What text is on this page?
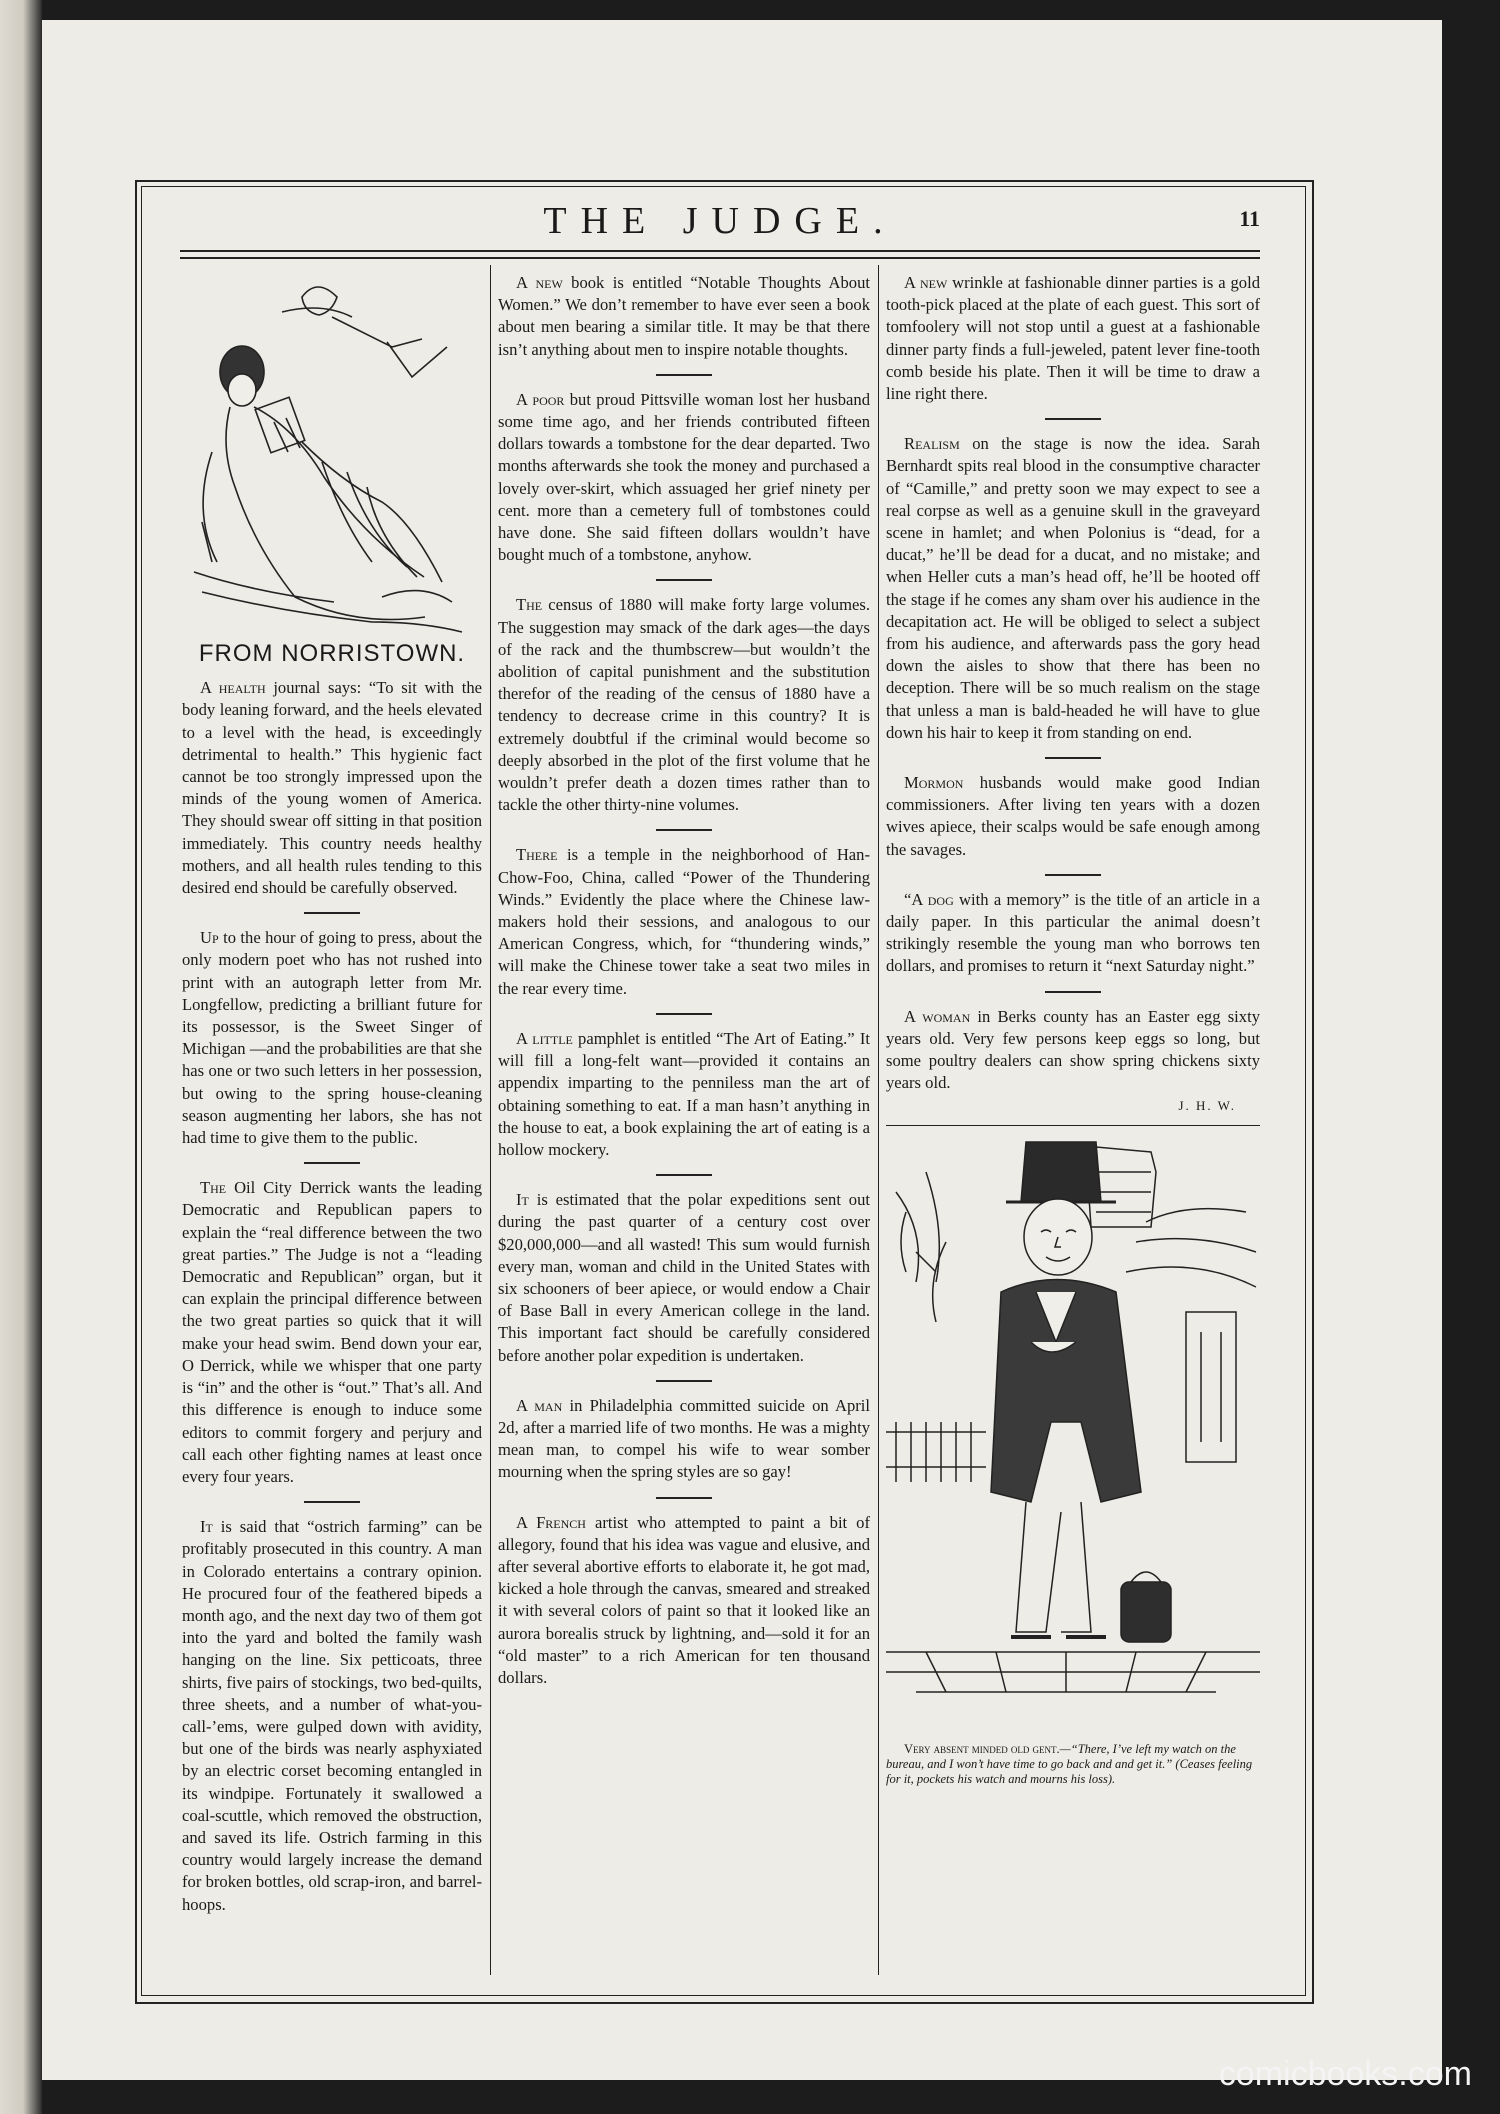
THE JUDGE.	11
FROM NORRISTOWN.

A health journal says: “To sit with the body leaning forward, and the heels elevated to a level with the head, is exceedingly detrimental to health.” This hygienic fact cannot be too strongly impressed upon the minds of the young women of America. They should swear off sitting in that position immediately. This country needs healthy mothers, and all health rules tending to this desired end should be carefully observed.

Up to the hour of going to press, about the only modern poet who has not rushed into print with an autograph letter from Mr. Longfellow, predicting a brilliant future for its possessor, is the Sweet Singer of Michigan —and the probabilities are that she has one or two such letters in her possession, but owing to the spring house-cleaning season augmenting her labors, she has not had time to give them to the public.

The Oil City Derrick wants the leading Democratic and Republican papers to explain the “real difference between the two great parties.” The Judge is not a “leading Democratic and Republican” organ, but it can explain the principal difference between the two great parties so quick that it will make your head swim. Bend down your ear, O Derrick, while we whisper that one party is “in” and the other is “out.” That’s all. And this difference is enough to induce some editors to commit forgery and perjury and call each other fighting names at least once every four years.

It is said that “ostrich farming” can be profitably prosecuted in this country. A man in Colorado entertains a contrary opinion. He procured four of the feathered bipeds a month ago, and the next day two of them got into the yard and bolted the family wash hanging on the line. Six petticoats, three shirts, five pairs of stockings, two bed-quilts, three sheets, and a number of what-you-call-’ems, were gulped down with avidity, but one of the birds was nearly asphyxiated by an electric corset becoming entangled in its windpipe. Fortunately it swallowed a coal-scuttle, which removed the obstruction, and saved its life. Ostrich farming in this country would largely increase the demand for broken bottles, old scrap-iron, and barrel-hoops.

A new book is entitled “Notable Thoughts About Women.” We don’t remember to have ever seen a book about men bearing a similar title. It may be that there isn’t anything about men to inspire notable thoughts.

A poor but proud Pittsville woman lost her husband some time ago, and her friends contributed fifteen dollars towards a tombstone for the dear departed. Two months afterwards she took the money and purchased a lovely over-skirt, which assuaged her grief ninety per cent. more than a cemetery full of tombstones could have done. She said fifteen dollars wouldn’t have bought much of a tombstone, anyhow.

The census of 1880 will make forty large volumes. The suggestion may smack of the dark ages—the days of the rack and the thumbscrew—but wouldn’t the abolition of capital punishment and the substitution therefor of the reading of the census of 1880 have a tendency to decrease crime in this country? It is extremely doubtful if the criminal would become so deeply absorbed in the plot of the first volume that he wouldn’t prefer death a dozen times rather than to tackle the other thirty-nine volumes.

There is a temple in the neighborhood of Han-Chow-Foo, China, called “Power of the Thundering Winds.” Evidently the place where the Chinese law-makers hold their sessions, and analogous to our American Congress, which, for “thundering winds,” will make the Chinese tower take a seat two miles in the rear every time.

A little pamphlet is entitled “The Art of Eating.” It will fill a long-felt want—provided it contains an appendix imparting to the penniless man the art of obtaining something to eat. If a man hasn’t anything in the house to eat, a book explaining the art of eating is a hollow mockery.

It is estimated that the polar expeditions sent out during the past quarter of a century cost over $20,000,000—and all wasted! This sum would furnish every man, woman and child in the United States with six schooners of beer apiece, or would endow a Chair of Base Ball in every American college in the land. This important fact should be carefully considered before another polar expedition is undertaken.

A man in Philadelphia committed suicide on April 2d, after a married life of two months. He was a mighty mean man, to compel his wife to wear somber mourning when the spring styles are so gay!

A French artist who attempted to paint a bit of allegory, found that his idea was vague and elusive, and after several abortive efforts to elaborate it, he got mad, kicked a hole through the canvas, smeared and streaked it with several colors of paint so that it looked like an aurora borealis struck by lightning, and—sold it for an “old master” to a rich American for ten thousand dollars.

A new wrinkle at fashionable dinner parties is a gold tooth-pick placed at the plate of each guest. This sort of tomfoolery will not stop until a guest at a fashionable dinner party finds a full-jeweled, patent lever fine-tooth comb beside his plate. Then it will be time to draw a line right there.

Realism on the stage is now the idea. Sarah Bernhardt spits real blood in the consumptive character of “Camille,” and pretty soon we may expect to see a real corpse as well as a genuine skull in the graveyard scene in hamlet; and when Polonius is “dead, for a ducat,” he’ll be dead for a ducat, and no mistake; and when Heller cuts a man’s head off, he’ll be hooted off the stage if he comes any sham over his audience in the decapitation act. He will be obliged to select a subject from his audience, and afterwards pass the gory head down the aisles to show that there has been no deception. There will be so much realism on the stage that unless a man is bald-headed he will have to glue down his hair to keep it from standing on end.

Mormon husbands would make good Indian commissioners. After living ten years with a dozen wives apiece, their scalps would be safe enough among the savages.

“A dog with a memory” is the title of an article in a daily paper. In this particular the animal doesn’t strikingly resemble the young man who borrows ten dollars, and promises to return it “next Saturday night.”

A woman in Berks county has an Easter egg sixty years old. Very few persons keep eggs so long, but some poultry dealers can show spring chickens sixty years old.

J. H. W.

Very absent minded old gent.—“There, I’ve left my watch on the bureau, and I won’t have time to go back and and get it.” (Ceases feeling for it, pockets his watch and mourns his loss).

comicbooks.com
